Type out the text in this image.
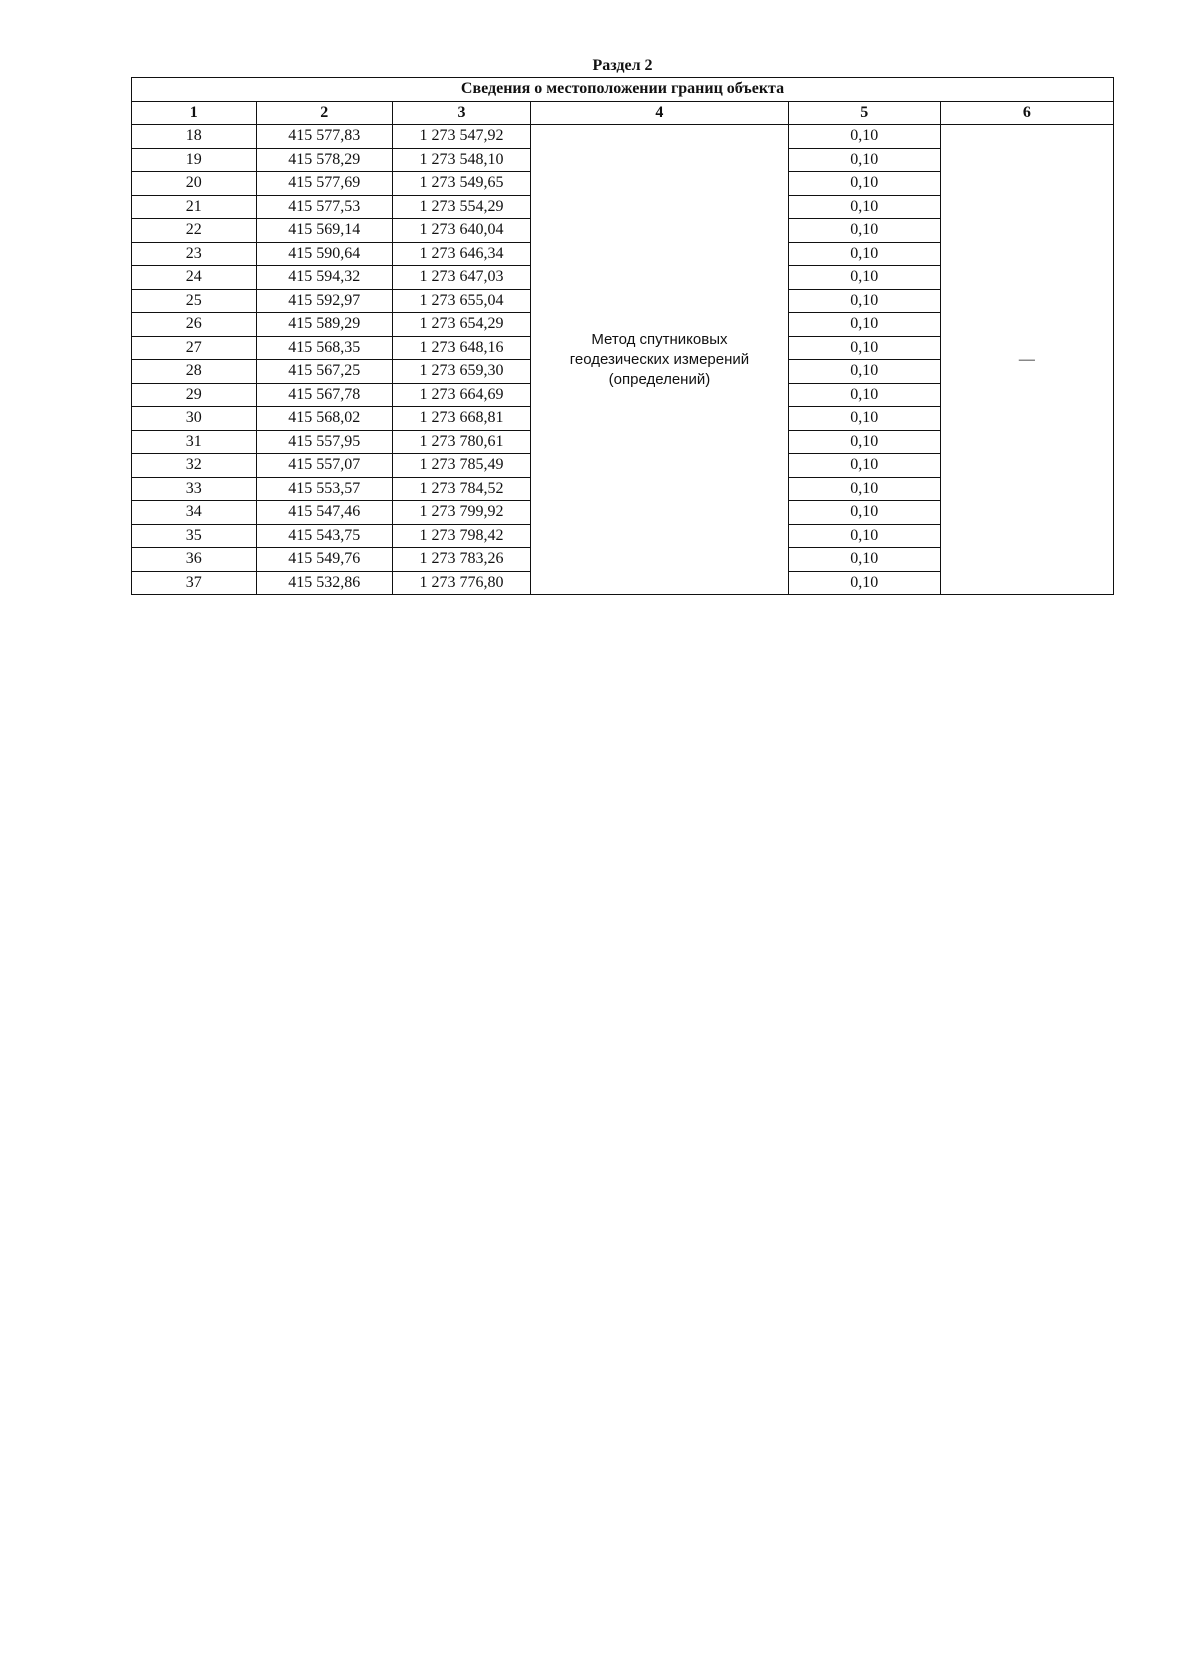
Раздел 2
Сведения о местоположении границ объекта					
1	2	3	4	5	6
18	415 577,83	1 273 547,92	Метод спутниковых
геодезических измерений
(определений)	0,10	—
19	415 578,29	1 273 548,10		0,10	
20	415 577,69	1 273 549,65		0,10	
21	415 577,53	1 273 554,29		0,10	
22	415 569,14	1 273 640,04		0,10	
23	415 590,64	1 273 646,34		0,10	
24	415 594,32	1 273 647,03		0,10	
25	415 592,97	1 273 655,04		0,10	
26	415 589,29	1 273 654,29		0,10	
27	415 568,35	1 273 648,16		0,10	
28	415 567,25	1 273 659,30		0,10	
29	415 567,78	1 273 664,69		0,10	
30	415 568,02	1 273 668,81		0,10	
31	415 557,95	1 273 780,61		0,10	
32	415 557,07	1 273 785,49		0,10	
33	415 553,57	1 273 784,52		0,10	
34	415 547,46	1 273 799,92		0,10	
35	415 543,75	1 273 798,42		0,10	
36	415 549,76	1 273 783,26		0,10	
37	415 532,86	1 273 776,80		0,10	
